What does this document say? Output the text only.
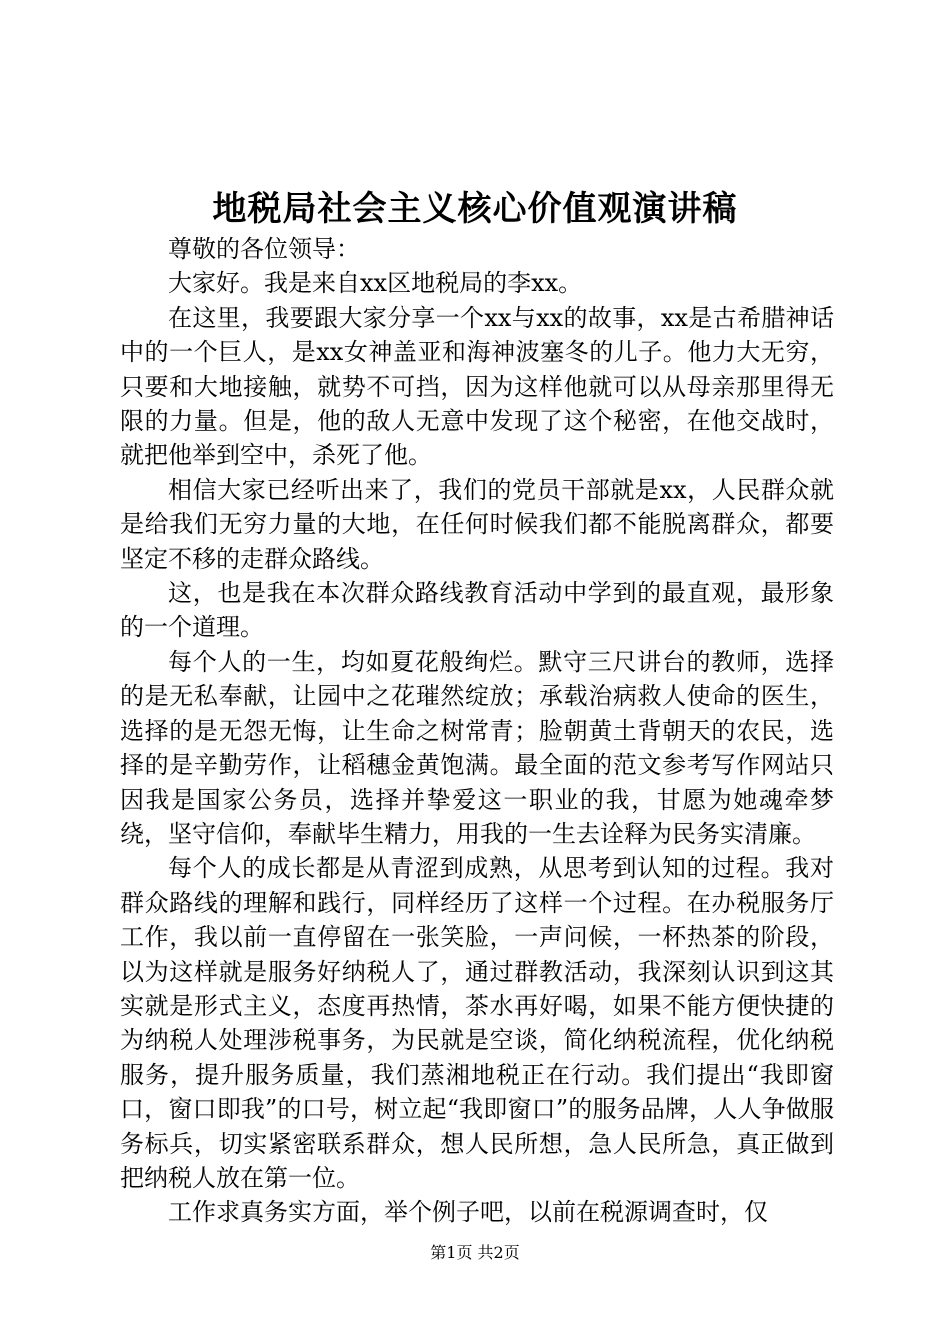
地税局社会主义核心价值观演讲稿

尊敬的各位领导：

大家好。我是来自xx区地税局的李xx。

在这里，我要跟大家分享一个xx与xx的故事，xx是古希腊神话中的一个巨人，是xx女神盖亚和海神波塞冬的儿子。他力大无穷，只要和大地接触，就势不可挡，因为这样他就可以从母亲那里得无限的力量。但是，他的敌人无意中发现了这个秘密，在他交战时，就把他举到空中，杀死了他。

相信大家已经听出来了，我们的党员干部就是xx，人民群众就是给我们无穷力量的大地，在任何时候我们都不能脱离群众，都要坚定不移的走群众路线。

这，也是我在本次群众路线教育活动中学到的最直观，最形象的一个道理。

每个人的一生，均如夏花般绚烂。默守三尺讲台的教师，选择的是无私奉献，让园中之花璀然绽放；承载治病救人使命的医生，选择的是无怨无悔，让生命之树常青；脸朝黄土背朝天的农民，选择的是辛勤劳作，让稻穗金黄饱满。最全面的范文参考写作网站只因我是国家公务员，选择并挚爱这一职业的我，甘愿为她魂牵梦绕，坚守信仰，奉献毕生精力，用我的一生去诠释为民务实清廉。

每个人的成长都是从青涩到成熟，从思考到认知的过程。我对群众路线的理解和践行，同样经历了这样一个过程。在办税服务厅工作，我以前一直停留在一张笑脸，一声问候，一杯热茶的阶段，以为这样就是服务好纳税人了，通过群教活动，我深刻认识到这其实就是形式主义，态度再热情，茶水再好喝，如果不能方便快捷的为纳税人处理涉税事务，为民就是空谈，简化纳税流程，优化纳税服务，提升服务质量，我们蒸湘地税正在行动。我们提出“我即窗口，窗口即我”的口号，树立起“我即窗口”的服务品牌，人人争做服务标兵，切实紧密联系群众，想人民所想，急人民所急，真正做到把纳税人放在第一位。

工作求真务实方面，举个例子吧，以前在税源调查时，仅

第1页 共2页
